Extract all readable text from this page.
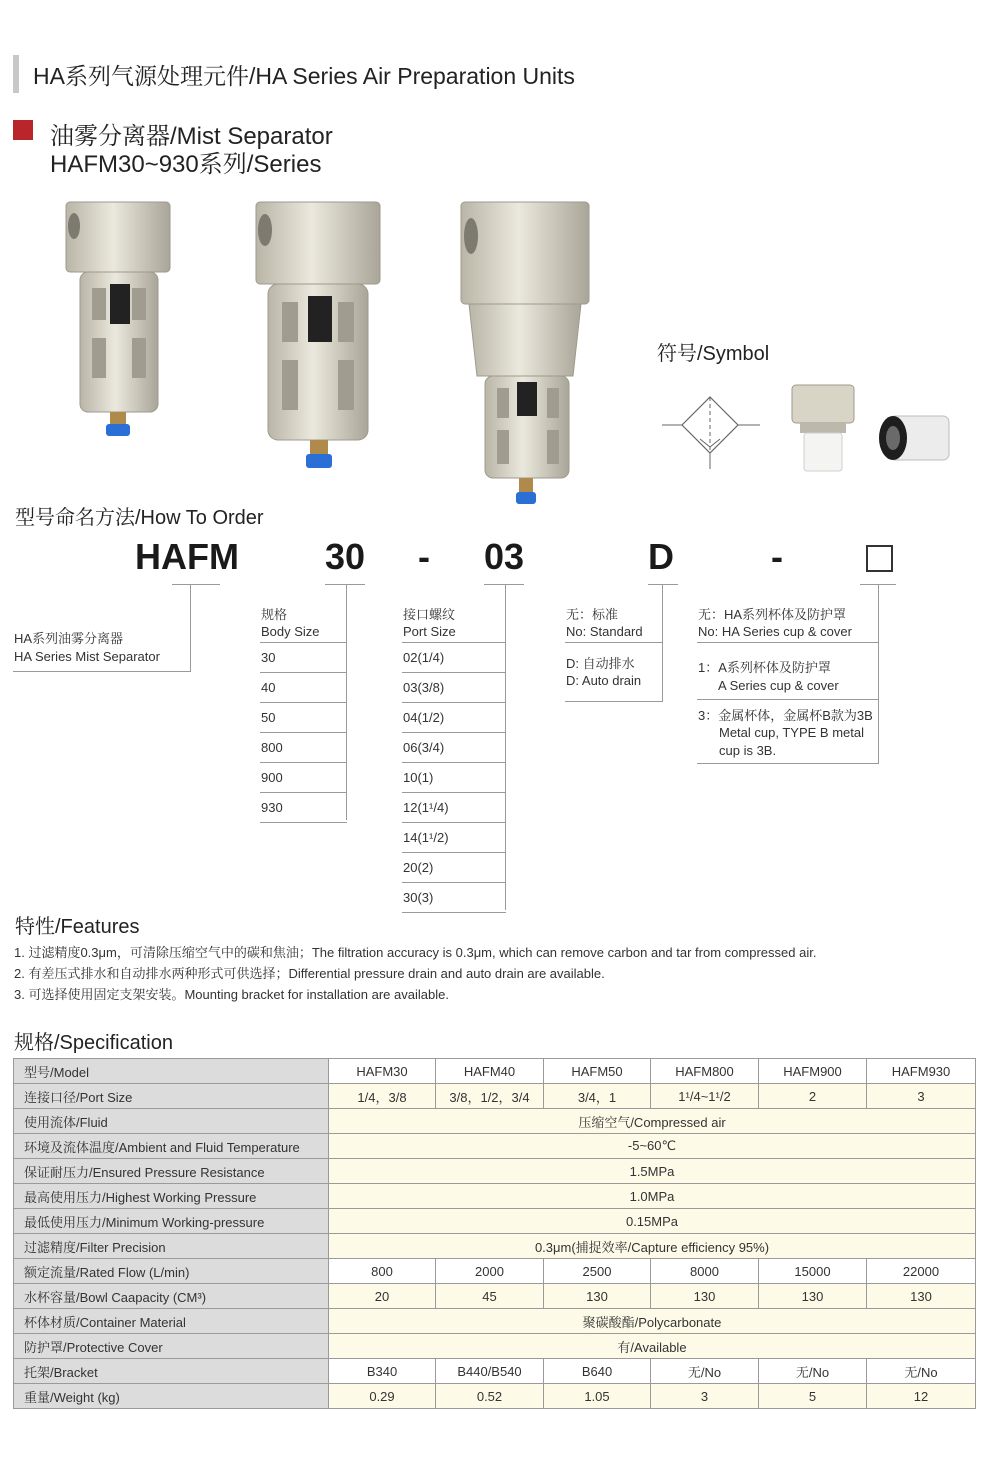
HA系列气源处理元件/HA Series Air Preparation Units
油雾分离器/Mist Separator
HAFM30~930系列/Series
符号/Symbol
型号命名方法/How To Order
HAFM 30 - 03	D	-
HA系列油雾分离器
HA Series Mist Separator
规格
Body Size
30
40
50
800
900
930
接口螺纹
Port Size
02(1/4)
03(3/8)
04(1/2)
06(3/4)
10(1)
12(1¹/4)
14(1¹/2)
20(2)
30(3)
无：标准
No: Standard
D: 自动排水
D: Auto drain
无：HA系列杯体及防护罩
No: HA Series cup & cover
1：A系列杯体及防护罩
A Series cup & cover
3：金属杯体，金属杯B款为3B
Metal cup, TYPE B metal
cup is 3B.
特性/Features
1. 过滤精度0.3μm，可清除压缩空气中的碳和焦油；The filtration accuracy is 0.3μm, which can remove carbon and tar from compressed air.
2. 有差压式排水和自动排水两种形式可供选择；Differential pressure drain and auto drain are available.
3. 可选择使用固定支架安装。Mounting bracket for installation are available.
规格/Specification
型号/Model	HAFM30	HAFM40	HAFM50	HAFM800	HAFM900	HAFM930
连接口径/Port Size	1/4，3/8	3/8，1/2，3/4	3/4，1	1¹/4~1¹/2	2	3
使用流体/Fluid	压缩空气/Compressed air					
环境及流体温度/Ambient and Fluid Temperature	-5~60℃					
保证耐压力/Ensured Pressure Resistance	1.5MPa					
最高使用压力/Highest Working Pressure	1.0MPa					
最低使用压力/Minimum Working-pressure	0.15MPa					
过滤精度/Filter Precision	0.3μm(捕捉效率/Capture efficiency 95%)					
额定流量/Rated Flow (L/min)	800	2000	2500	8000	15000	22000
水杯容量/Bowl Caapacity (CM³)	20	45	130	130	130	130
杯体材质/Container Material	聚碳酸酯/Polycarbonate					
防护罩/Protective Cover	有/Available					
托架/Bracket	B340	B440/B540	B640	无/No	无/No	无/No
重量/Weight (kg)	0.29	0.52	1.05	3	5	12
